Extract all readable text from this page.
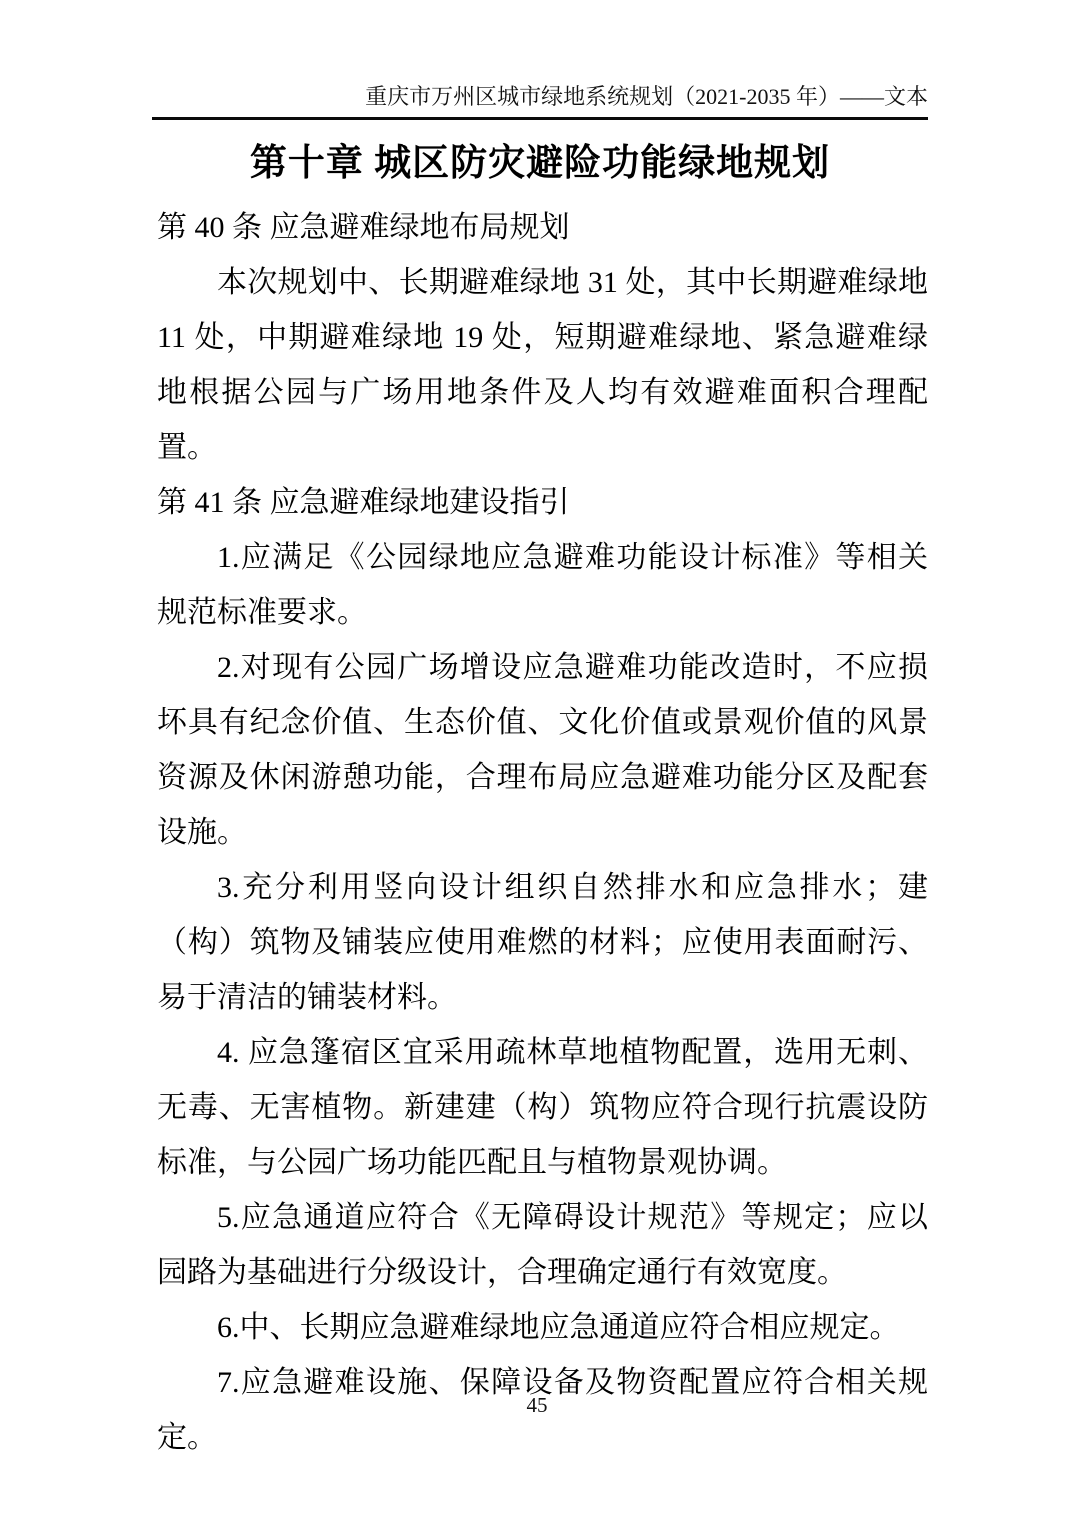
重庆市万州区城市绿地系统规划（2021-2035 年）——文本
第十章 城区防灾避险功能绿地规划

第 40 条 应急避难绿地布局规划

本次规划中、长期避难绿地 31 处，其中长期避难绿地 11 处，中期避难绿地 19 处，短期避难绿地、紧急避难绿地根据公园与广场用地条件及人均有效避难面积合理配置。

第 41 条 应急避难绿地建设指引

1.应满足《公园绿地应急避难功能设计标准》等相关规范标准要求。

2.对现有公园广场增设应急避难功能改造时，不应损坏具有纪念价值、生态价值、文化价值或景观价值的风景资源及休闲游憩功能，合理布局应急避难功能分区及配套设施。

3.充分利用竖向设计组织自然排水和应急排水；建（构）筑物及铺装应使用难燃的材料；应使用表面耐污、易于清洁的铺装材料。

4. 应急篷宿区宜采用疏林草地植物配置，选用无刺、无毒、无害植物。新建建（构）筑物应符合现行抗震设防标准，与公园广场功能匹配且与植物景观协调。

5.应急通道应符合《无障碍设计规范》等规定；应以园路为基础进行分级设计，合理确定通行有效宽度。

6.中、长期应急避难绿地应急通道应符合相应规定。

7.应急避难设施、保障设备及物资配置应符合相关规定。

45
